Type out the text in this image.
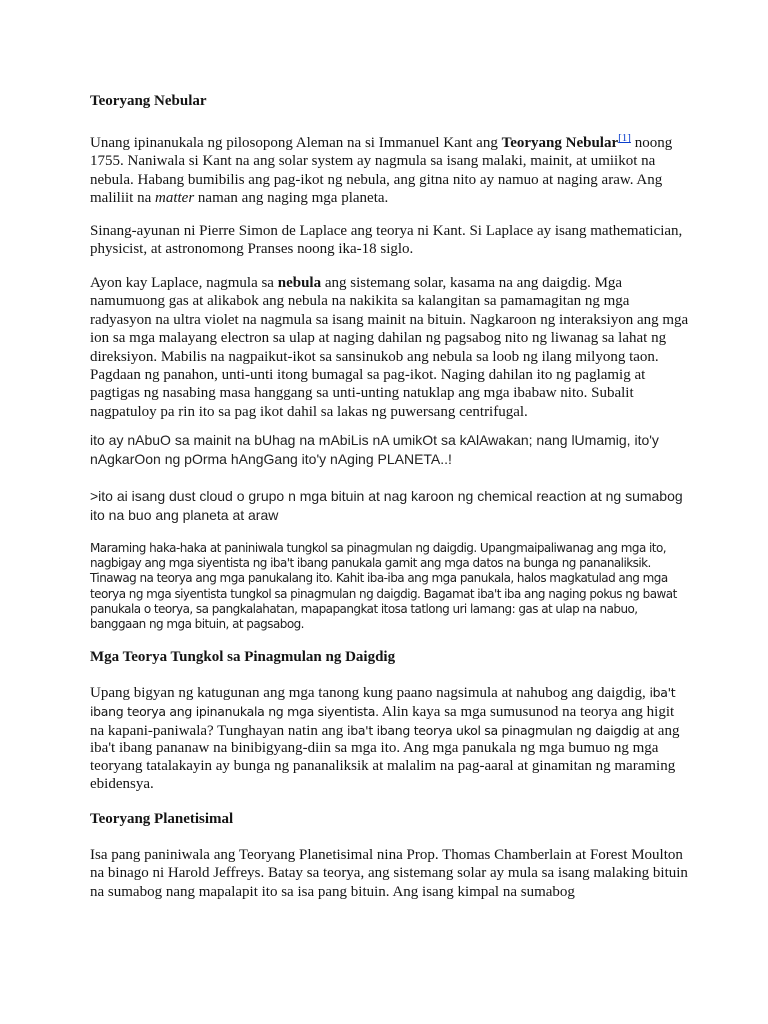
Teoryang Nebular

Unang ipinanukala ng pilosopong Aleman na si Immanuel Kant ang Teoryang Nebular[1] noong 1755. Naniwala si Kant na ang solar system ay nagmula sa isang malaki, mainit, at umiikot na nebula. Habang bumibilis ang pag-ikot ng nebula, ang gitna nito ay namuo at naging araw. Ang maliliit na matter naman ang naging mga planeta.

Sinang-ayunan ni Pierre Simon de Laplace ang teorya ni Kant. Si Laplace ay isang mathematician, physicist, at astronomong Pranses noong ika-18 siglo.

Ayon kay Laplace, nagmula sa nebula ang sistemang solar, kasama na ang daigdig. Mga namumuong gas at alikabok ang nebula na nakikita sa kalangitan sa pamamagitan ng mga radyasyon na ultra violet na nagmula sa isang mainit na bituin. Nagkaroon ng interaksiyon ang mga ion sa mga malayang electron sa ulap at naging dahilan ng pagsabog nito ng liwanag sa lahat ng direksiyon. Mabilis na nagpaikut-ikot sa sansinukob ang nebula sa loob ng ilang milyong taon. Pagdaan ng panahon, unti-unti itong bumagal sa pag-ikot. Naging dahilan ito ng paglamig at pagtigas ng nasabing masa hanggang sa unti-unting natuklap ang mga ibabaw nito. Subalit nagpatuloy pa rin ito sa pag ikot dahil sa lakas ng puwersang centrifugal.

ito ay nAbuO sa mainit na bUhag na mAbiLis nA umikOt sa kAlAwakan; nang lUmamig, ito'y nAgkarOon ng pOrma hAngGang ito'y nAging PLANETA..!

>ito ai isang dust cloud o grupo n mga bituin at nag karoon ng chemical reaction at ng sumabog ito na buo ang planeta at araw

Maraming haka-haka at paniniwala tungkol sa pinagmulan ng daigdig. Upangmaipaliwanag ang mga ito, nagbigay ang mga siyentista ng iba't ibang panukala gamit ang mga datos na bunga ng pananaliksik. Tinawag na teorya ang mga panukalang ito. Kahit iba-iba ang mga panukala, halos magkatulad ang mga teorya ng mga siyentista tungkol sa pinagmulan ng daigdig. Bagamat iba't iba ang naging pokus ng bawat panukala o teorya, sa pangkalahatan, mapapangkat itosa tatlong uri lamang: gas at ulap na nabuo, banggaan ng mga bituin, at pagsabog.

Mga Teorya Tungkol sa Pinagmulan ng Daigdig

Upang bigyan ng katugunan ang mga tanong kung paano nagsimula at nahubog ang daigdig, iba't ibang teorya ang ipinanukala ng mga siyentista. Alin kaya sa mga sumusunod na teorya ang higit na kapani-paniwala? Tunghayan natin ang iba't ibang teorya ukol sa pinagmulan ng daigdig at ang iba't ibang pananaw na binibigyang-diin sa mga ito. Ang mga panukala ng mga bumuo ng mga teoryang tatalakayin ay bunga ng pananaliksik at malalim na pag-aaral at ginamitan ng maraming ebidensya.

Teoryang Planetisimal

Isa pang paniniwala ang Teoryang Planetisimal nina Prop. Thomas Chamberlain at Forest Moulton na binago ni Harold Jeffreys. Batay sa teorya, ang sistemang solar ay mula sa isang malaking bituin na sumabog nang mapalapit ito sa isa pang bituin. Ang isang kimpal na sumabog
